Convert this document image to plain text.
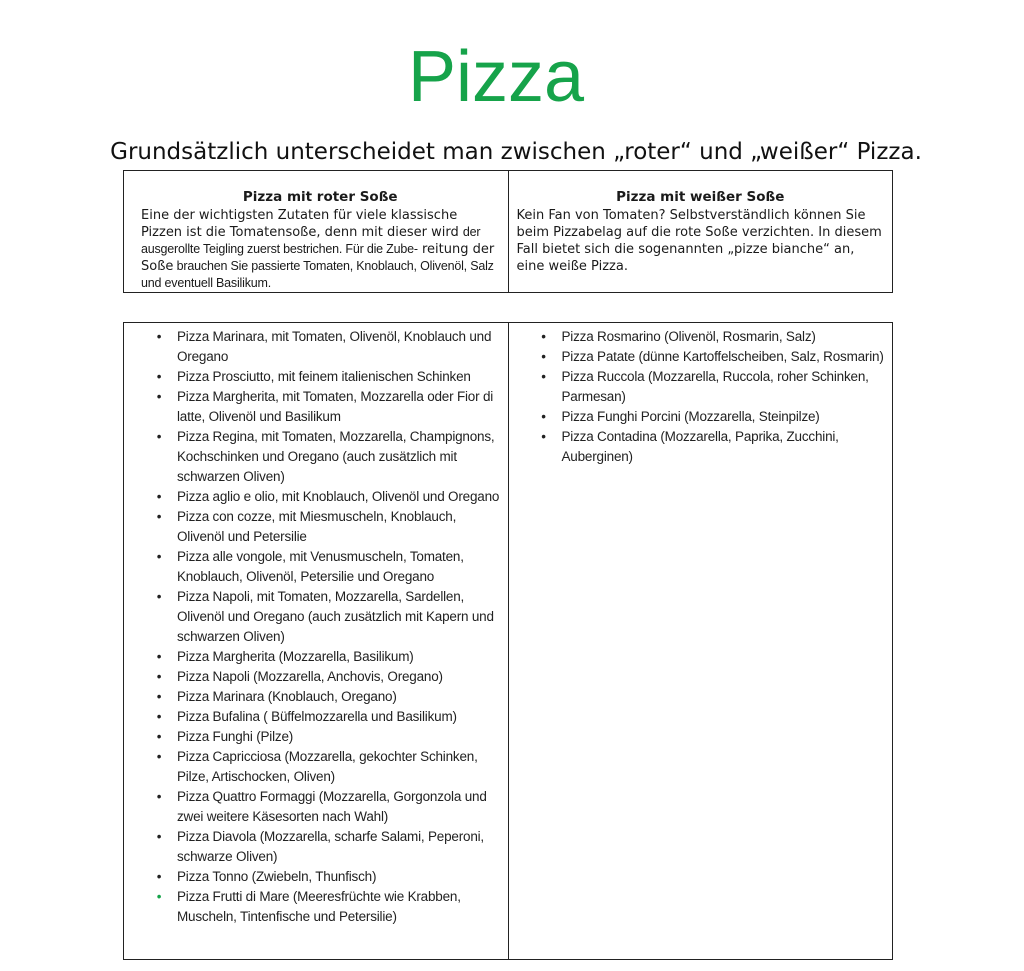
Pizza

Grundsätzlich unterscheidet man zwischen „roter“ und „weißer“ Pizza.

Pizza mit roter Soße
Eine der wichtigsten Zutaten für viele klassische Pizzen ist die Tomatensoße, denn mit dieser wird der ausgerollte Teigling zuerst bestrichen. Für die Zube- reitung der Soße brauchen Sie passierte Tomaten, Knoblauch, Olivenöl, Salz und eventuell Basilikum.

Pizza mit weißer Soße
Kein Fan von Tomaten? Selbstverständlich können Sie beim Pizzabelag auf die rote Soße verzichten. In diesem Fall bietet sich die sogenannten „pizze bianche“ an, eine weiße Pizza.
• Pizza Marinara, mit Tomaten, Olivenöl, Knoblauch und Oregano
• Pizza Prosciutto, mit feinem italienischen Schinken
• Pizza Margherita, mit Tomaten, Mozzarella oder Fior di latte, Olivenöl und Basilikum
• Pizza Regina, mit Tomaten, Mozzarella, Champignons, Kochschinken und Oregano (auch zusätzlich mit schwarzen Oliven)
• Pizza aglio e olio, mit Knoblauch, Olivenöl und Oregano
• Pizza con cozze, mit Miesmuscheln, Knoblauch, Olivenöl und Petersilie
• Pizza alle vongole, mit Venusmuscheln, Tomaten, Knoblauch, Olivenöl, Petersilie und Oregano
• Pizza Napoli, mit Tomaten, Mozzarella, Sardellen, Olivenöl und Oregano (auch zusätzlich mit Kapern und schwarzen Oliven)
• Pizza Margherita (Mozzarella, Basilikum)
• Pizza Napoli (Mozzarella, Anchovis, Oregano)
• Pizza Marinara (Knoblauch, Oregano)
• Pizza Bufalina ( Büffelmozzarella und Basilikum)
• Pizza Funghi (Pilze)
• Pizza Capricciosa (Mozzarella, gekochter Schinken, Pilze, Artischocken, Oliven)
• Pizza Quattro Formaggi (Mozzarella, Gorgonzola und zwei weitere Käsesorten nach Wahl)
• Pizza Diavola (Mozzarella, scharfe Salami, Peperoni, schwarze Oliven)
• Pizza Tonno (Zwiebeln, Thunfisch)
• Pizza Frutti di Mare (Meeresfrüchte wie Krabben, Muscheln, Tintenfische und Petersilie)

• Pizza Rosmarino (Olivenöl, Rosmarin, Salz)
• Pizza Patate (dünne Kartoffelscheiben, Salz, Rosmarin)
• Pizza Ruccola (Mozzarella, Ruccola, roher Schinken, Parmesan)
• Pizza Funghi Porcini (Mozzarella, Steinpilze)
• Pizza Contadina (Mozzarella, Paprika, Zucchini, Auberginen)
